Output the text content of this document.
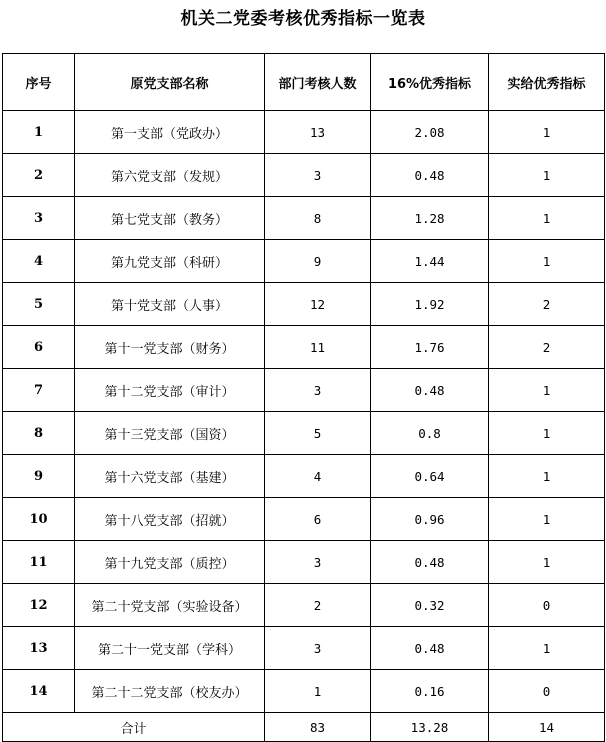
机关二党委考核优秀指标一览表
序号	原党支部名称	部门考核人数	16%优秀指标	实给优秀指标
1	第一支部（党政办）	13	2.08	1
2	第六党支部（发规）	3	0.48	1
3	第七党支部（教务）	8	1.28	1
4	第九党支部（科研）	9	1.44	1
5	第十党支部（人事）	12	1.92	2
6	第十一党支部（财务）	11	1.76	2
7	第十二党支部（审计）	3	0.48	1
8	第十三党支部（国资）	5	0.8	1
9	第十六党支部（基建）	4	0.64	1
10	第十八党支部（招就）	6	0.96	1
11	第十九党支部（质控）	3	0.48	1
12	第二十党支部（实验设备）	2	0.32	0
13	第二十一党支部（学科）	3	0.48	1
14	第二十二党支部（校友办）	1	0.16	0
合计		83	13.28	14
